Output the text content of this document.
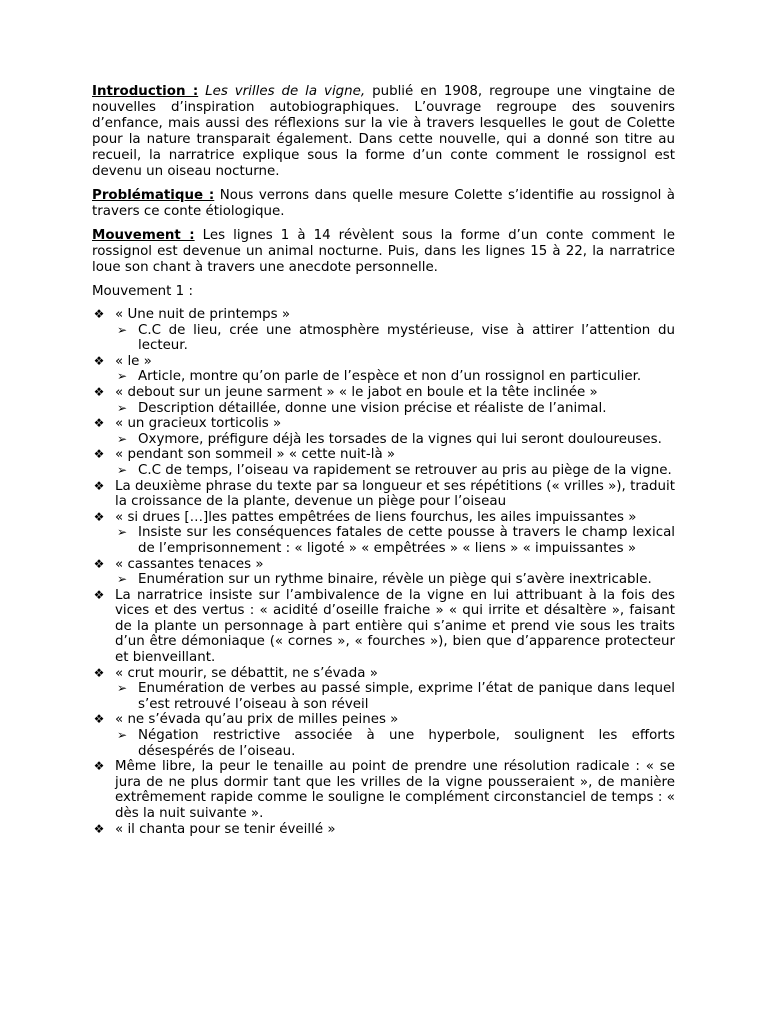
Introduction : Les vrilles de la vigne, publié en 1908, regroupe une vingtaine de nouvelles d’inspiration autobiographiques. L’ouvrage regroupe des souvenirs d’enfance, mais aussi des réflexions sur la vie à travers lesquelles le gout de Colette pour la nature transparait également. Dans cette nouvelle, qui a donné son titre au recueil, la narratrice explique sous la forme d’un conte comment le rossignol est devenu un oiseau nocturne.

Problématique : Nous verrons dans quelle mesure Colette s’identifie au rossignol à travers ce conte étiologique.

Mouvement : Les lignes 1 à 14 révèlent sous la forme d’un conte comment le rossignol est devenue un animal nocturne. Puis, dans les lignes 15 à 22, la narratrice loue son chant à travers une anecdote personnelle.

Mouvement 1 :

❖ « Une nuit de printemps »
➢ C.C de lieu, crée une atmosphère mystérieuse, vise à attirer l’attention du lecteur.
❖ « le »
➢ Article, montre qu’on parle de l’espèce et non d’un rossignol en particulier.
❖ « debout sur un jeune sarment » « le jabot en boule et la tête inclinée »
➢ Description détaillée, donne une vision précise et réaliste de l’animal.
❖ « un gracieux torticolis »
➢ Oxymore, préfigure déjà les torsades de la vignes qui lui seront douloureuses.
❖ « pendant son sommeil » « cette nuit-là »
➢ C.C de temps, l’oiseau va rapidement se retrouver au pris au piège de la vigne.
❖ La deuxième phrase du texte par sa longueur et ses répétitions (« vrilles »), traduit la croissance de la plante, devenue un piège pour l’oiseau
❖ « si drues […]les pattes empêtrées de liens fourchus, les ailes impuissantes »
➢ Insiste sur les conséquences fatales de cette pousse à travers le champ lexical de l’emprisonnement : « ligoté » « empêtrées » « liens » « impuissantes »
❖ « cassantes tenaces »
➢ Enumération sur un rythme binaire, révèle un piège qui s’avère inextricable.
❖ La narratrice insiste sur l’ambivalence de la vigne en lui attribuant à la fois des vices et des vertus : « acidité d’oseille fraiche » « qui irrite et désaltère », faisant de la plante un personnage à part entière qui s’anime et prend vie sous les traits d’un être démoniaque (« cornes », « fourches »), bien que d’apparence protecteur et bienveillant.
❖ « crut mourir, se débattit, ne s’évada »
➢ Enumération de verbes au passé simple, exprime l’état de panique dans lequel s’est retrouvé l’oiseau à son réveil
❖ « ne s’évada qu’au prix de milles peines »
➢ Négation restrictive associée à une hyperbole, soulignent les efforts désespérés de l’oiseau.
❖ Même libre, la peur le tenaille au point de prendre une résolution radicale : « se jura de ne plus dormir tant que les vrilles de la vigne pousseraient », de manière extrêmement rapide comme le souligne le complément circonstanciel de temps : « dès la nuit suivante ».
❖ « il chanta pour se tenir éveillé »
